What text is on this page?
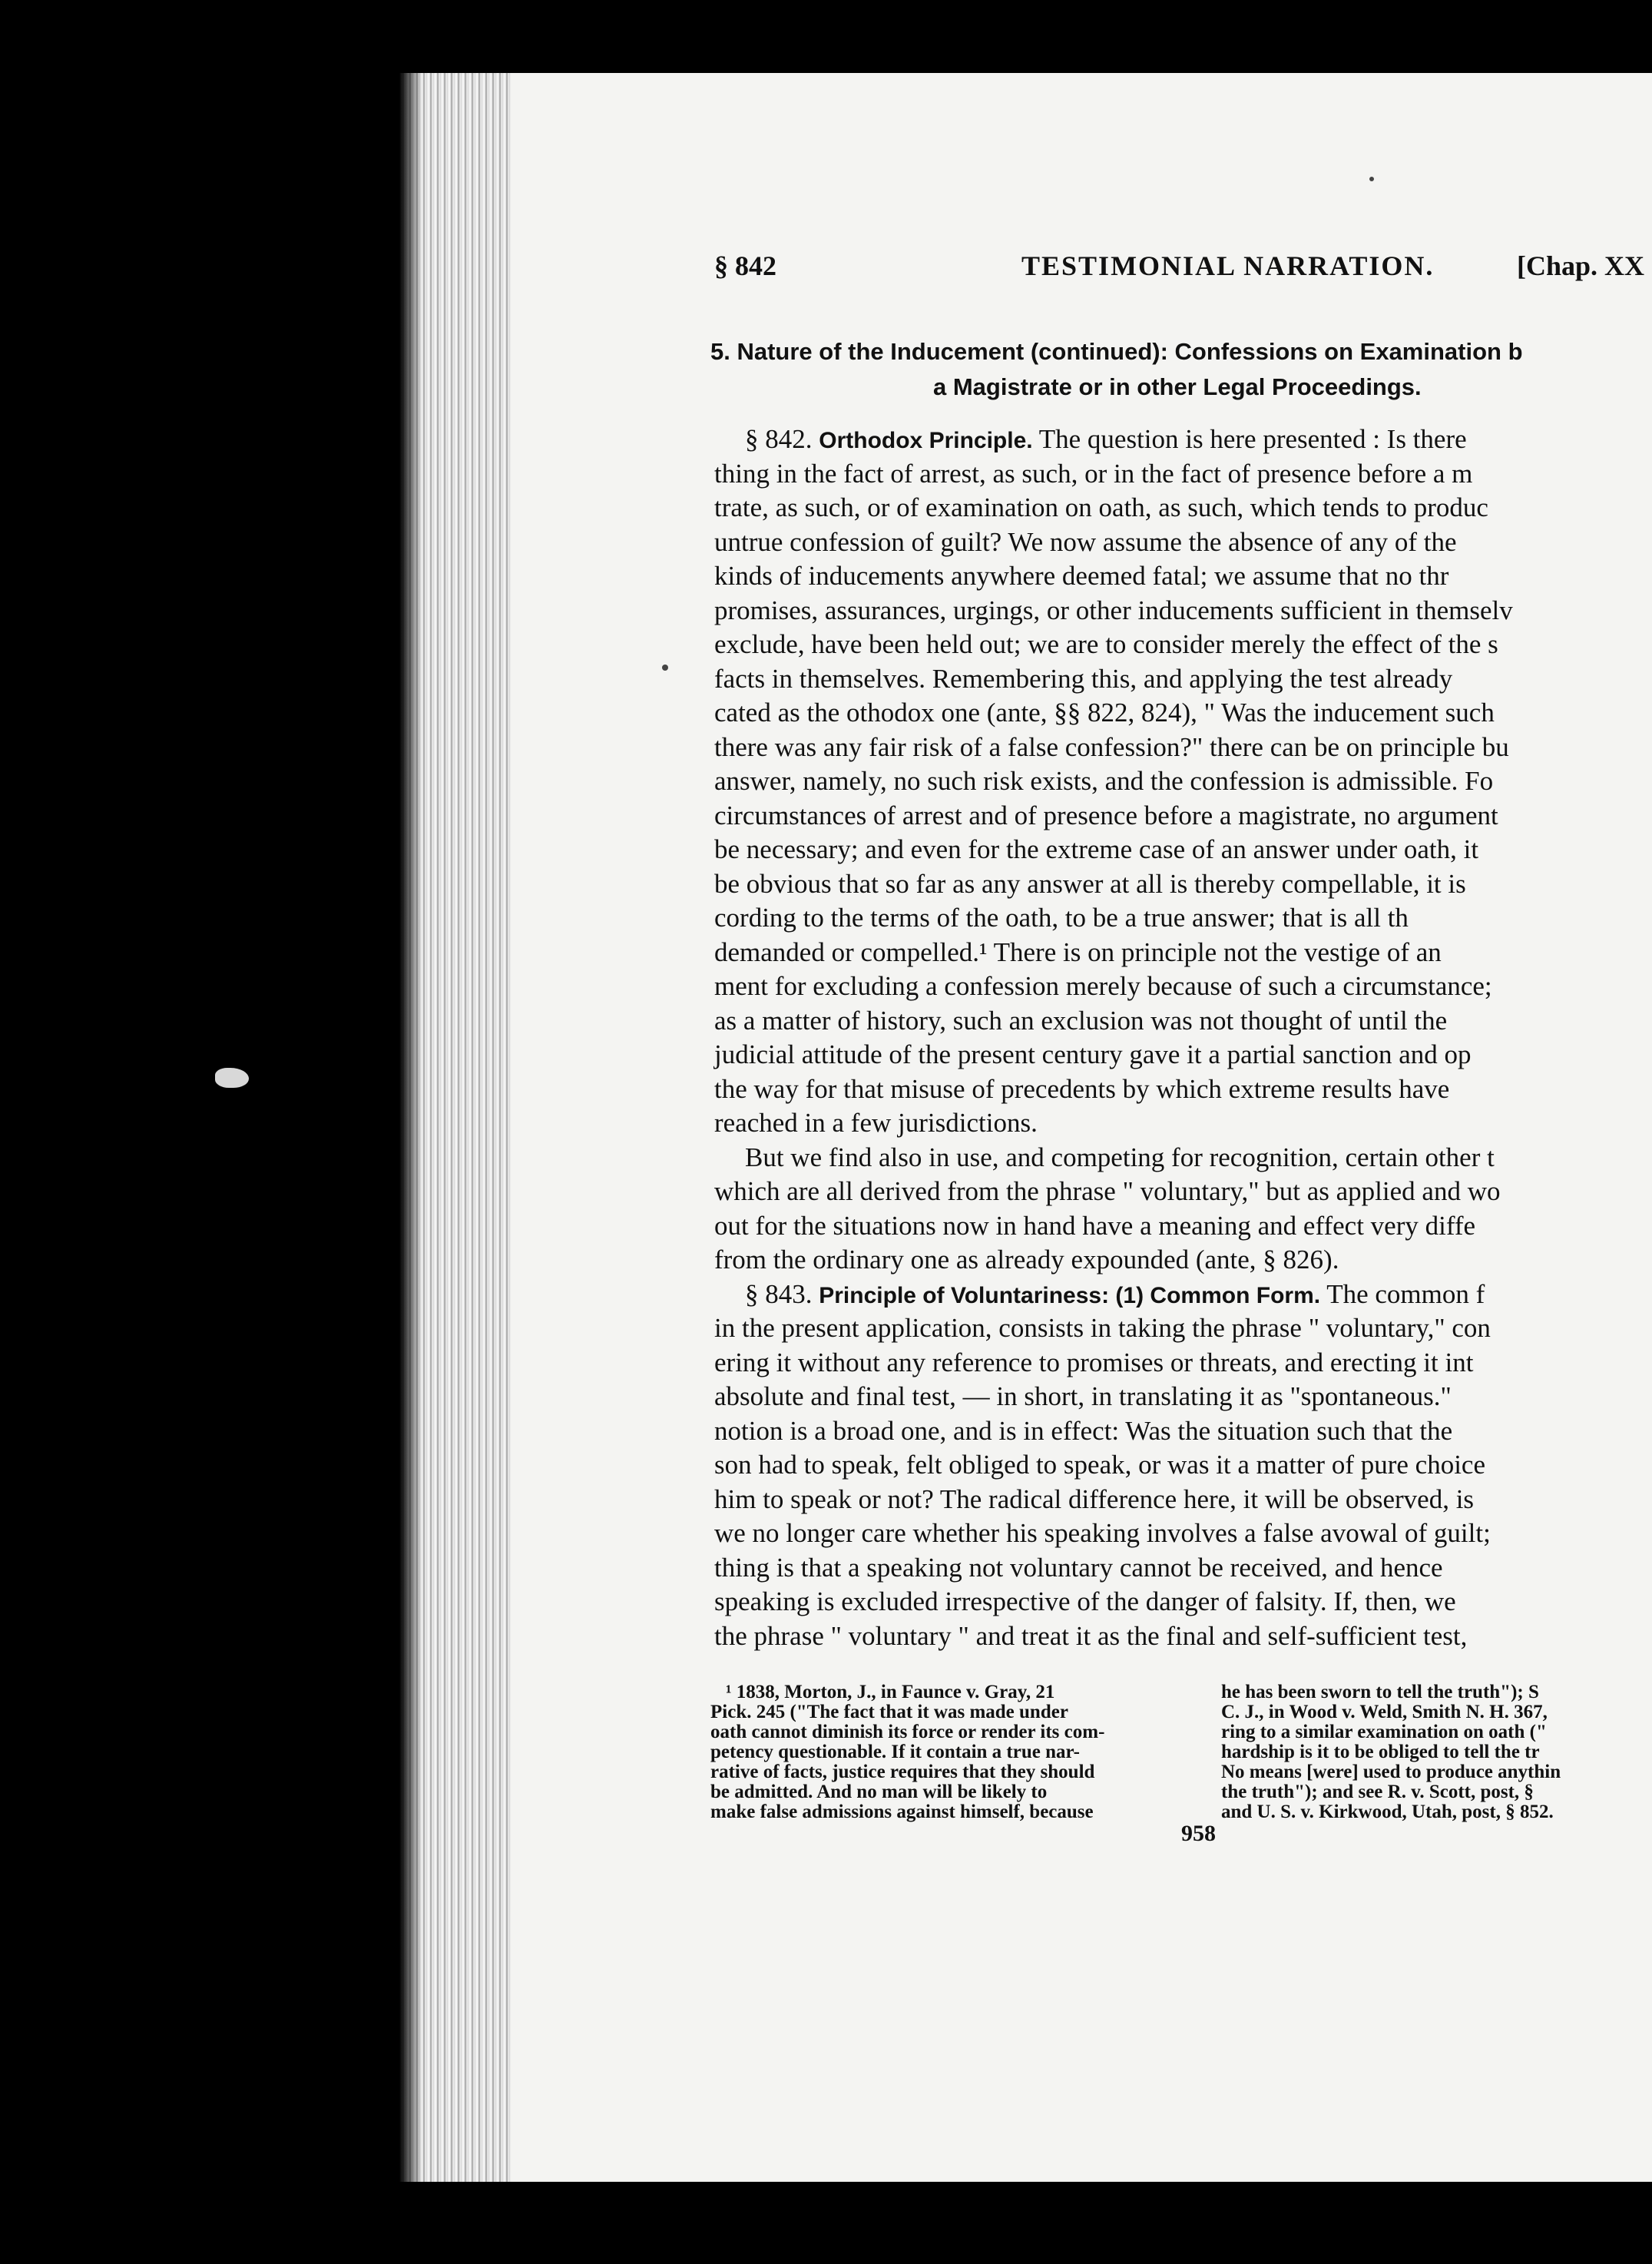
§ 842	TESTIMONIAL NARRATION.	[Chap. XX
5. Nature of the Inducement (continued): Confessions on Examination b
a Magistrate or in other Legal Proceedings.
§ 842. Orthodox Principle. The question is here presented : Is there
thing in the fact of arrest, as such, or in the fact of presence before a m
trate, as such, or of examination on oath, as such, which tends to produc
untrue confession of guilt? We now assume the absence of any of the
kinds of inducements anywhere deemed fatal; we assume that no thr
promises, assurances, urgings, or other inducements sufficient in themselv
exclude, have been held out; we are to consider merely the effect of the s
facts in themselves. Remembering this, and applying the test already
cated as the othodox one (ante, §§ 822, 824), " Was the inducement such
there was any fair risk of a false confession?" there can be on principle bu
answer, namely, no such risk exists, and the confession is admissible. Fo
circumstances of arrest and of presence before a magistrate, no argument
be necessary; and even for the extreme case of an answer under oath, it
be obvious that so far as any answer at all is thereby compellable, it is
cording to the terms of the oath, to be a true answer; that is all th
demanded or compelled.¹ There is on principle not the vestige of an
ment for excluding a confession merely because of such a circumstance;
as a matter of history, such an exclusion was not thought of until the
judicial attitude of the present century gave it a partial sanction and op
the way for that misuse of precedents by which extreme results have
reached in a few jurisdictions.
But we find also in use, and competing for recognition, certain other t
which are all derived from the phrase " voluntary," but as applied and wo
out for the situations now in hand have a meaning and effect very diffe
from the ordinary one as already expounded (ante, § 826).
§ 843. Principle of Voluntariness: (1) Common Form. The common f
in the present application, consists in taking the phrase " voluntary," con
ering it without any reference to promises or threats, and erecting it int
absolute and final test, — in short, in translating it as "spontaneous."
notion is a broad one, and is in effect: Was the situation such that the
son had to speak, felt obliged to speak, or was it a matter of pure choice
him to speak or not? The radical difference here, it will be observed, is
we no longer care whether his speaking involves a false avowal of guilt;
thing is that a speaking not voluntary cannot be received, and hence
speaking is excluded irrespective of the danger of falsity. If, then, we
the phrase " voluntary " and treat it as the final and self-sufficient test,
¹ 1838, Morton, J., in Faunce v. Gray, 21
Pick. 245 ("The fact that it was made under
oath cannot diminish its force or render its com-
petency questionable. If it contain a true nar-
rative of facts, justice requires that they should
be admitted. And no man will be likely to
make false admissions against himself, because
he has been sworn to tell the truth"); S
C. J., in Wood v. Weld, Smith N. H. 367,
ring to a similar examination on oath ("
hardship is it to be obliged to tell the tr
No means [were] used to produce anythin
the truth"); and see R. v. Scott, post, §
and U. S. v. Kirkwood, Utah, post, § 852.
958
